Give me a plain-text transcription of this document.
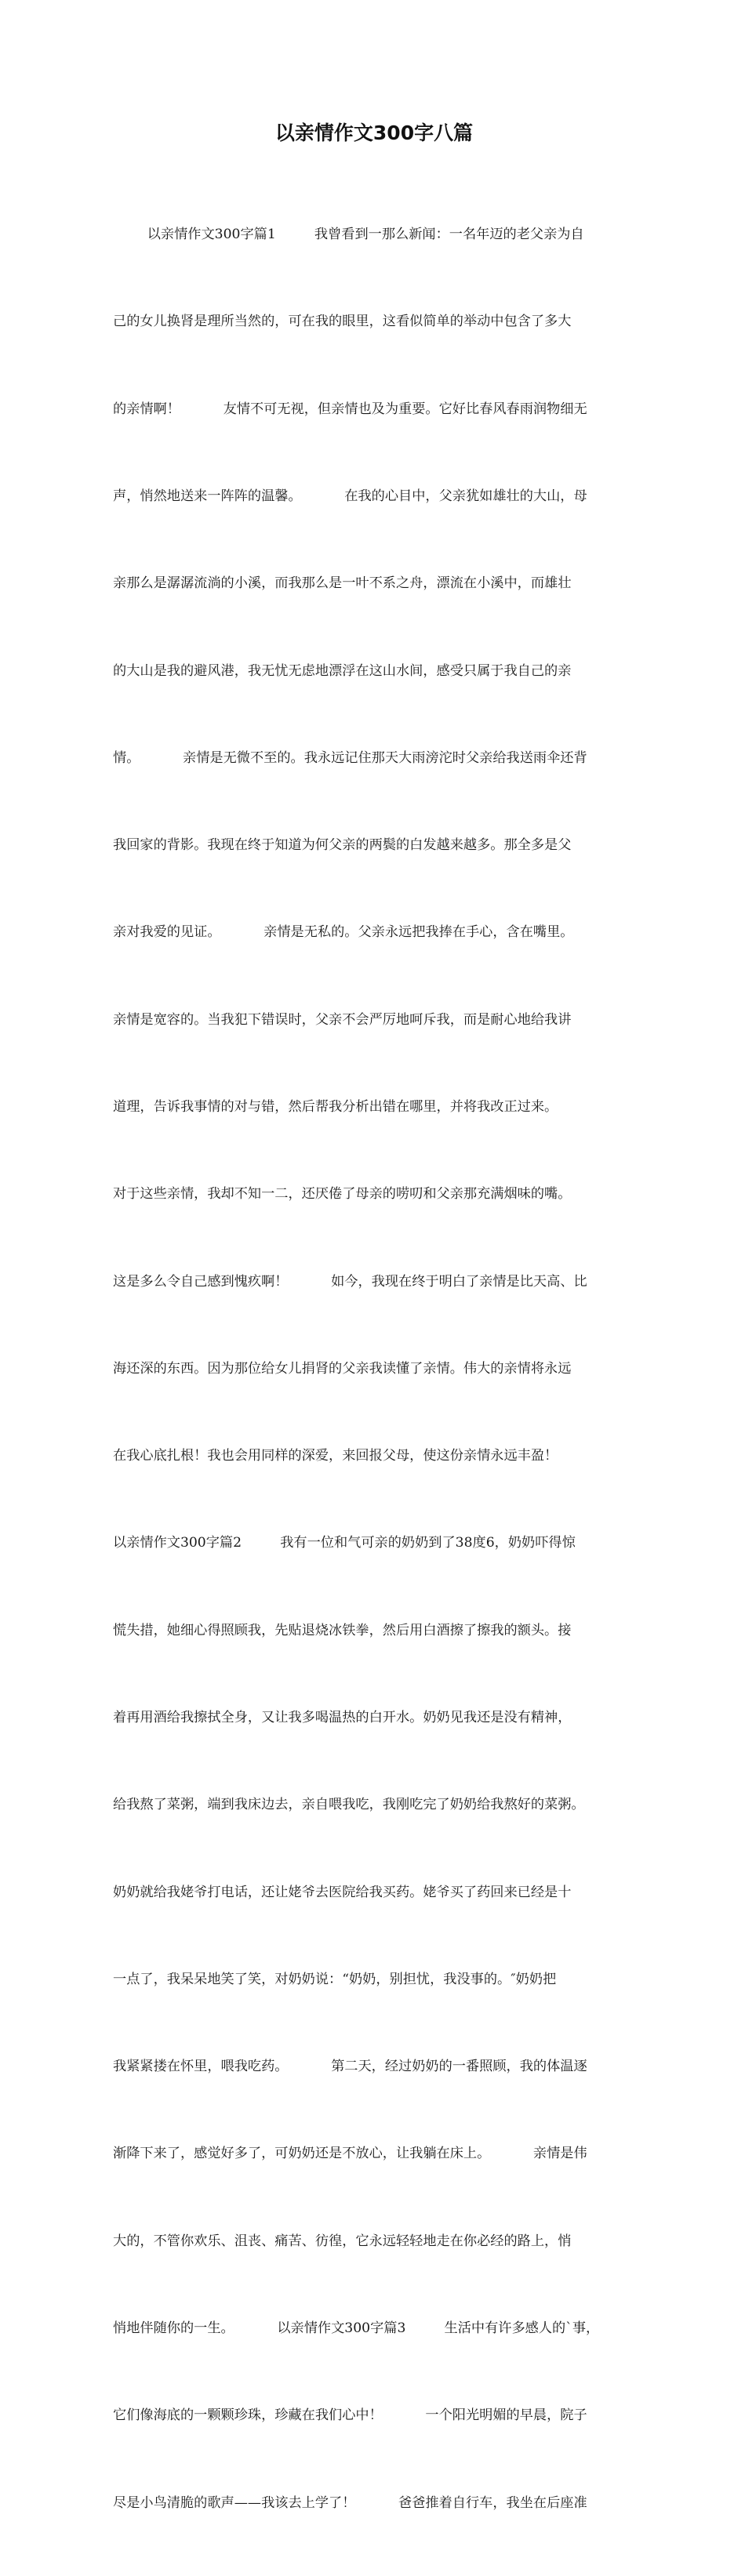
以亲情作文300字八篇

以亲情作文300字篇1         我曾看到一那么新闻：一名年迈的老父亲为自

己的女儿换肾是理所当然的，可在我的眼里，这看似简单的举动中包含了多大

的亲情啊！          友情不可无视，但亲情也及为重要。它好比春风春雨润物细无

声，悄然地送来一阵阵的温馨。          在我的心目中，父亲犹如雄壮的大山，母

亲那么是潺潺流淌的小溪，而我那么是一叶不系之舟，漂流在小溪中，而雄壮

的大山是我的避风港，我无忧无虑地漂浮在这山水间，感受只属于我自己的亲

情。          亲情是无微不至的。我永远记住那天大雨滂沱时父亲给我送雨伞还背

我回家的背影。我现在终于知道为何父亲的两鬓的白发越来越多。那全多是父

亲对我爱的见证。          亲情是无私的。父亲永远把我捧在手心，含在嘴里。

亲情是宽容的。当我犯下错误时，父亲不会严厉地呵斥我，而是耐心地给我讲

道理，告诉我事情的对与错，然后帮我分析出错在哪里，并将我改正过来。

对于这些亲情，我却不知一二，还厌倦了母亲的唠叨和父亲那充满烟味的嘴。

这是多么令自己感到愧疚啊！          如今，我现在终于明白了亲情是比天高、比

海还深的东西。因为那位给女儿捐肾的父亲我读懂了亲情。伟大的亲情将永远

在我心底扎根！我也会用同样的深爱，来回报父母，使这份亲情永远丰盈！

以亲情作文300字篇2         我有一位和气可亲的奶奶到了38度6，奶奶吓得惊

慌失措，她细心得照顾我，先贴退烧冰铁拳，然后用白酒擦了擦我的额头。接

着再用酒给我擦拭全身，又让我多喝温热的白开水。奶奶见我还是没有精神，

给我熬了菜粥，端到我床边去，亲自喂我吃，我刚吃完了奶奶给我熬好的菜粥。

奶奶就给我姥爷打电话，还让姥爷去医院给我买药。姥爷买了药回来已经是十

一点了，我呆呆地笑了笑，对奶奶说：“奶奶，别担忧，我没事的。″奶奶把

我紧紧搂在怀里，喂我吃药。          第二天，经过奶奶的一番照顾，我的体温逐

渐降下来了，感觉好多了，可奶奶还是不放心，让我躺在床上。          亲情是伟

大的，不管你欢乐、沮丧、痛苦、彷徨，它永远轻轻地走在你必经的路上，悄

悄地伴随你的一生。          以亲情作文300字篇3         生活中有许多感人的`事，

它们像海底的一颗颗珍珠，珍藏在我们心中！          一个阳光明媚的早晨，院子

尽是小鸟清脆的歌声——我该去上学了！          爸爸推着自行车，我坐在后座准
